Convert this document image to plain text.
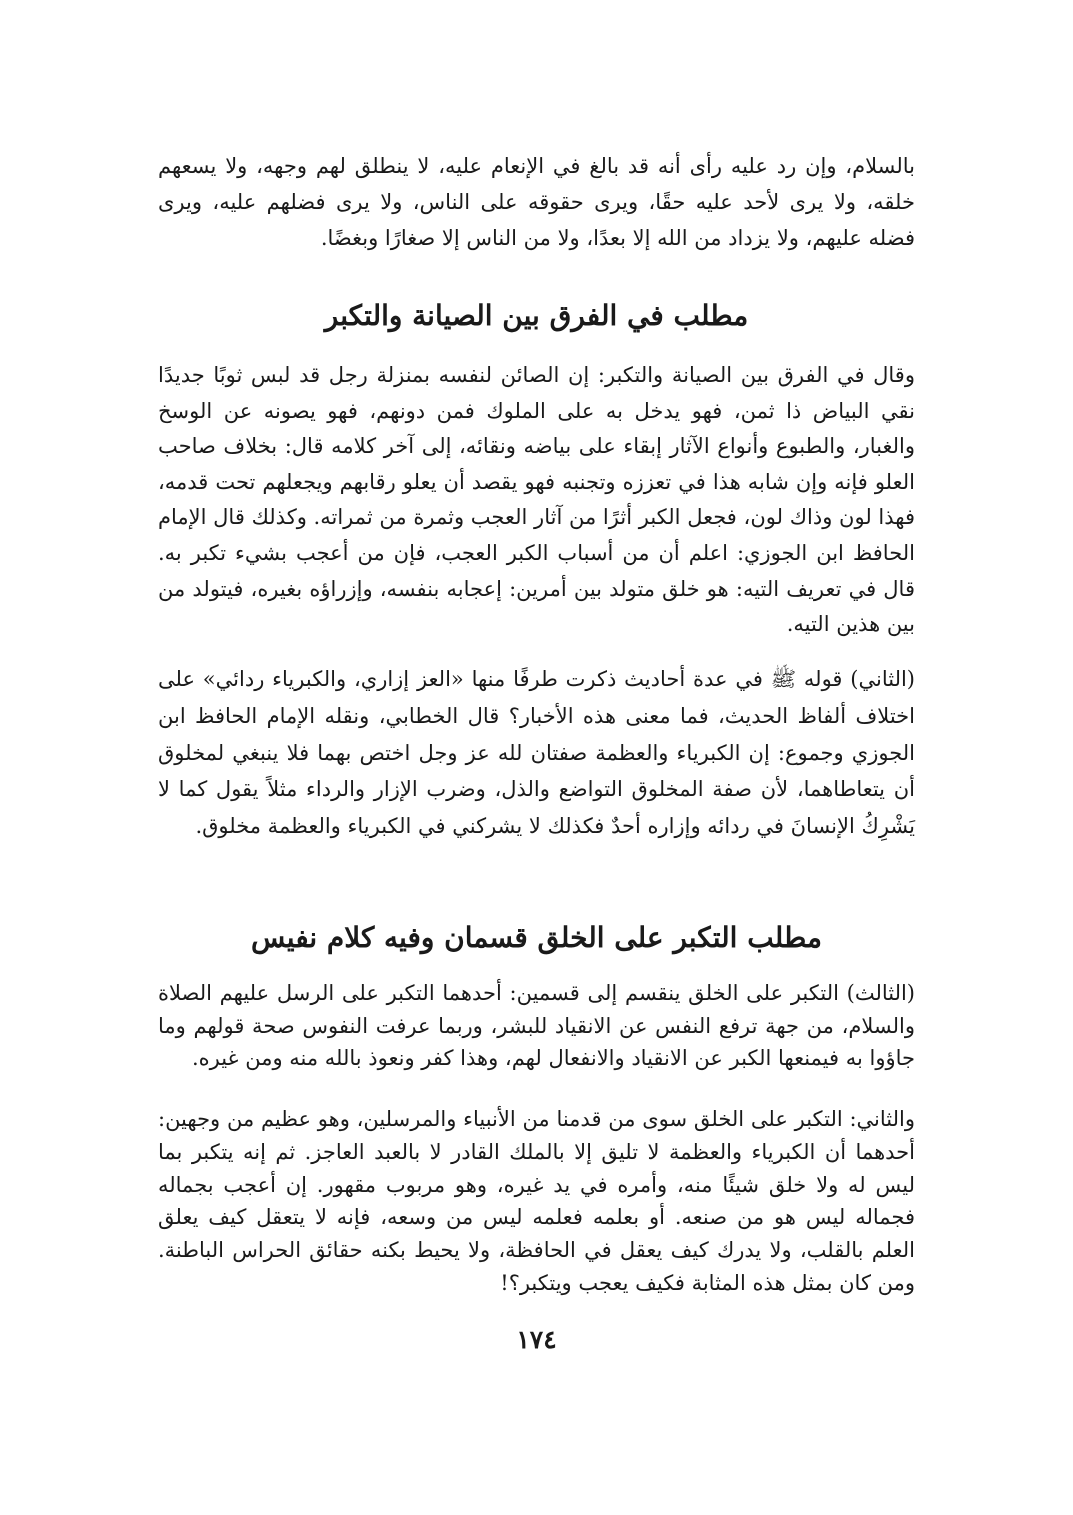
بالسلام، وإن رد عليه رأى أنه قد بالغ في الإنعام عليه، لا ينطلق لهم وجهه، ولا يسعهم خلقه، ولا يرى لأحد عليه حقًا، ويرى حقوقه على الناس، ولا يرى فضلهم عليه، ويرى فضله عليهم، ولا يزداد من الله إلا بعدًا، ولا من الناس إلا صغارًا وبغضًا.

مطلب في الفرق بين الصيانة والتكبر

وقال في الفرق بين الصيانة والتكبر: إن الصائن لنفسه بمنزلة رجل قد لبس ثوبًا جديدًا نقي البياض ذا ثمن، فهو يدخل به على الملوك فمن دونهم، فهو يصونه عن الوسخ والغبار، والطبوع وأنواع الآثار إبقاء على بياضه ونقائه، إلى آخر كلامه قال: بخلاف صاحب العلو فإنه وإن شابه هذا في تعززه وتجنبه فهو يقصد أن يعلو رقابهم ويجعلهم تحت قدمه، فهذا لون وذاك لون، فجعل الكبر أثرًا من آثار العجب وثمرة من ثمراته. وكذلك قال الإمام الحافظ ابن الجوزي: اعلم أن من أسباب الكبر العجب، فإن من أعجب بشيء تكبر به. قال في تعريف التيه: هو خلق متولد بين أمرين: إعجابه بنفسه، وإزراؤه بغيره، فيتولد من بين هذين التيه.

(الثاني) قوله ﷺ في عدة أحاديث ذكرت طرفًا منها «العز إزاري، والكبرياء ردائي» على اختلاف ألفاظ الحديث، فما معنى هذه الأخبار؟ قال الخطابي، ونقله الإمام الحافظ ابن الجوزي وجموع: إن الكبرياء والعظمة صفتان لله عز وجل اختص بهما فلا ينبغي لمخلوق أن يتعاطاهما، لأن صفة المخلوق التواضع والذل، وضرب الإزار والرداء مثلاً يقول كما لا يَشْرِكُ الإنسانَ في ردائه وإزاره أحدٌ فكذلك لا يشركني في الكبرياء والعظمة مخلوق.

مطلب التكبر على الخلق قسمان وفيه كلام نفيس

(الثالث) التكبر على الخلق ينقسم إلى قسمين: أحدهما التكبر على الرسل عليهم الصلاة والسلام، من جهة ترفع النفس عن الانقياد للبشر، وربما عرفت النفوس صحة قولهم وما جاؤوا به فيمنعها الكبر عن الانقياد والانفعال لهم، وهذا كفر ونعوذ بالله منه ومن غيره.

والثاني: التكبر على الخلق سوى من قدمنا من الأنبياء والمرسلين، وهو عظيم من وجهين: أحدهما أن الكبرياء والعظمة لا تليق إلا بالملك القادر لا بالعبد العاجز. ثم إنه يتكبر بما ليس له ولا خلق شيئًا منه، وأمره في يد غيره، وهو مربوب مقهور. إن أعجب بجماله فجماله ليس هو من صنعه. أو بعلمه فعلمه ليس من وسعه، فإنه لا يتعقل كيف يعلق العلم بالقلب، ولا يدرك كيف يعقل في الحافظة، ولا يحيط بكنه حقائق الحراس الباطنة. ومن كان بمثل هذه المثابة فكيف يعجب ويتكبر؟!

١٧٤
